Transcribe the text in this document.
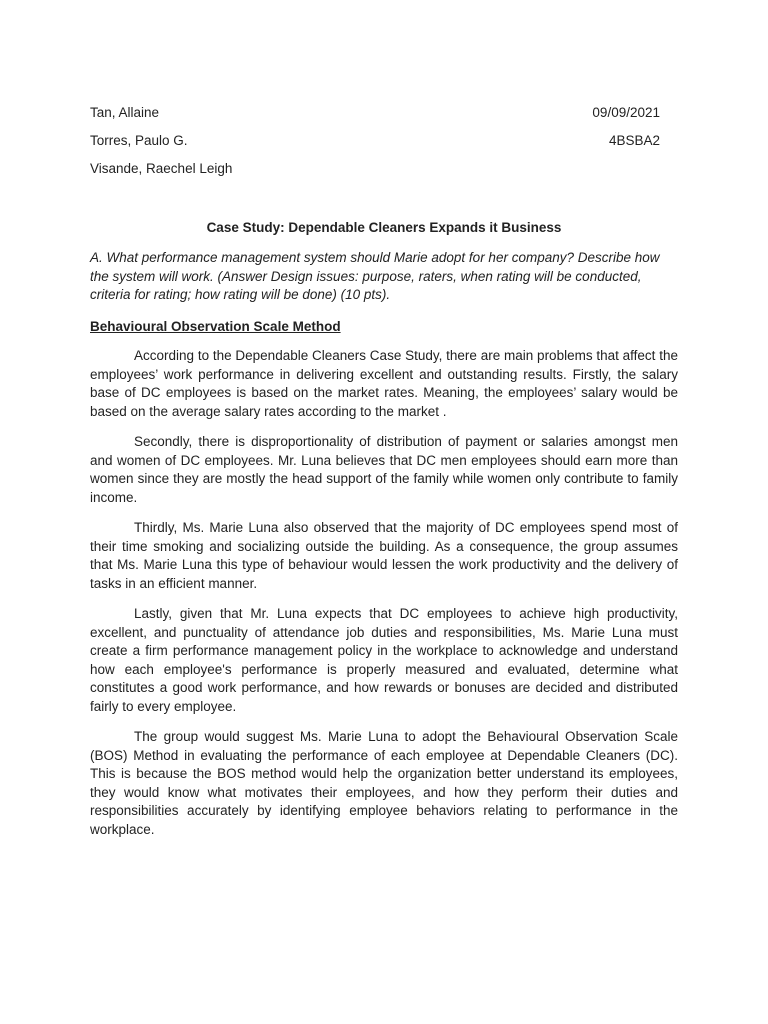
Tan, Allaine	09/09/2021
Torres, Paulo G.	4BSBA2
Visande, Raechel Leigh
Case Study: Dependable Cleaners Expands it Business
A. What performance management system should Marie adopt for her company? Describe how the system will work. (Answer Design issues: purpose, raters, when rating will be conducted, criteria for rating; how rating will be done) (10 pts).
Behavioural Observation Scale Method

According to the Dependable Cleaners Case Study, there are main problems that affect the employees’ work performance in delivering excellent and outstanding results. Firstly, the salary base of DC employees is based on the market rates. Meaning, the employees’ salary would be based on the average salary rates according to the market .

Secondly, there is disproportionality of distribution of payment or salaries amongst men and women of DC employees. Mr. Luna believes that DC men employees should earn more than women since they are mostly the head support of the family while women only contribute to family income.

Thirdly, Ms. Marie Luna also observed that the majority of DC employees spend most of their time smoking and socializing outside the building. As a consequence, the group assumes that Ms. Marie Luna this type of behaviour would lessen the work productivity and the delivery of tasks in an efficient manner.

Lastly, given that Mr. Luna expects that DC employees to achieve high productivity, excellent, and punctuality of attendance job duties and responsibilities, Ms. Marie Luna must create a firm performance management policy in the workplace to acknowledge and understand how each employee's performance is properly measured and evaluated, determine what constitutes a good work performance, and how rewards or bonuses are decided and distributed fairly to every employee.

The group would suggest Ms. Marie Luna to adopt the Behavioural Observation Scale (BOS) Method in evaluating the performance of each employee at Dependable Cleaners (DC). This is because the BOS method would help the organization better understand its employees, they would know what motivates their employees, and how they perform their duties and responsibilities accurately by identifying employee behaviors relating to performance in the workplace.
